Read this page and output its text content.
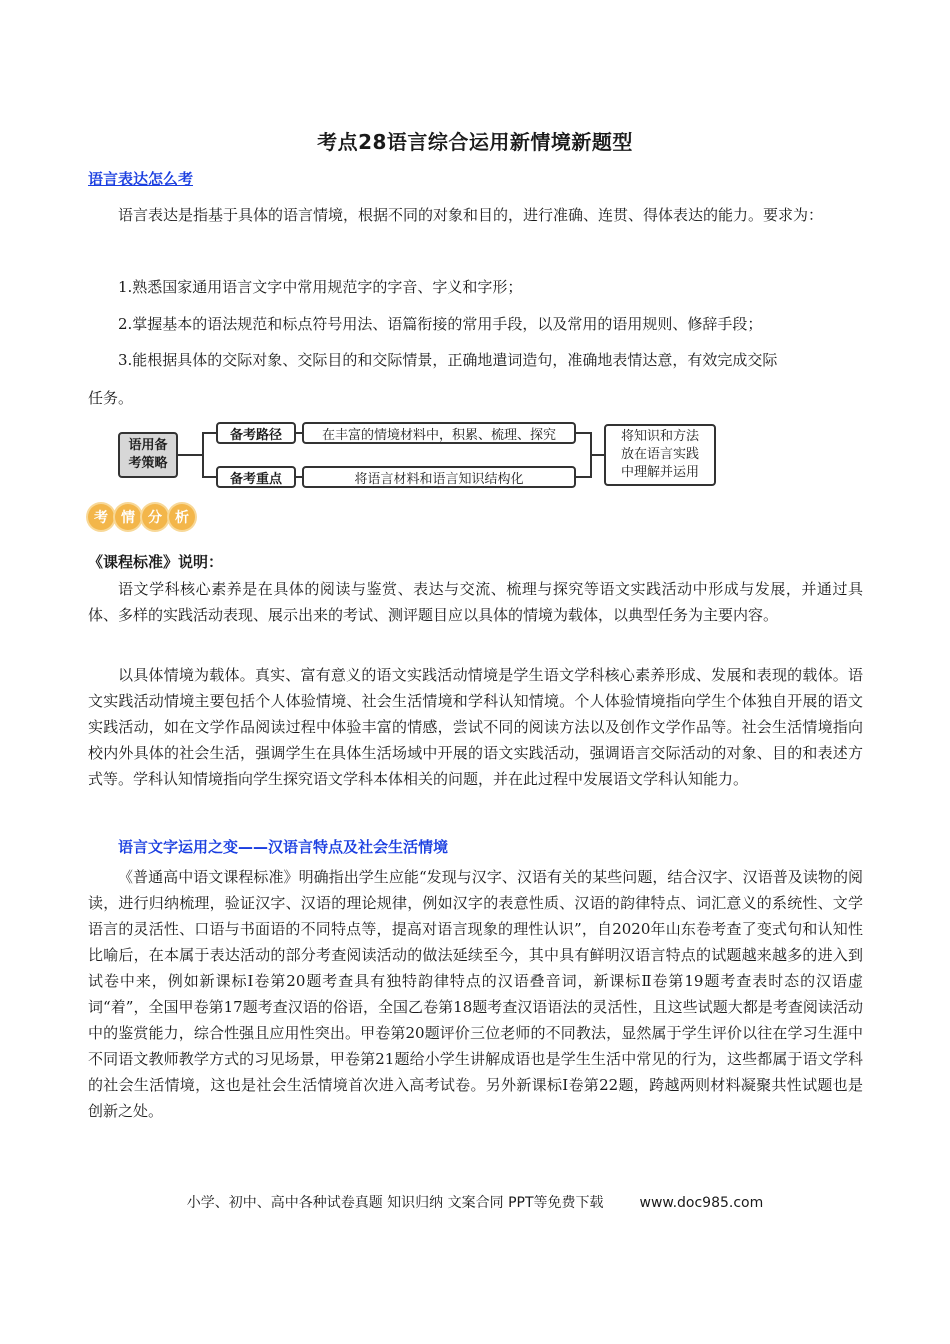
考点28语言综合运用新情境新题型
语言表达怎么考

语言表达是指基于具体的语言情境，根据不同的对象和目的，进行准确、连贯、得体表达的能力。要求为：

1.熟悉国家通用语言文字中常用规范字的字音、字义和字形；

2.掌握基本的语法规范和标点符号用法、语篇衔接的常用手段，以及常用的语用规则、修辞手段；

3.能根据具体的交际对象、交际目的和交际情景，正确地遣词造句，准确地表情达意，有效完成交际

任务。

语用备考策略
备考路径	在丰富的情境材料中，积累、梳理、探究
备考重点	将语言材料和语言知识结构化
将知识和方法放在语言实践中理解并运用
考 情 分 析
《课程标准》说明：

语文学科核心素养是在具体的阅读与鉴赏、表达与交流、梳理与探究等语文实践活动中形成与发展，并通过具体、多样的实践活动表现、展示出来的考试、测评题目应以具体的情境为载体，以典型任务为主要内容。

以具体情境为载体。真实、富有意义的语文实践活动情境是学生语文学科核心素养形成、发展和表现的载体。语文实践活动情境主要包括个人体验情境、社会生活情境和学科认知情境。个人体验情境指向学生个体独自开展的语文实践活动，如在文学作品阅读过程中体验丰富的情感，尝试不同的阅读方法以及创作文学作品等。社会生活情境指向校内外具体的社会生活，强调学生在具体生活场域中开展的语文实践活动，强调语言交际活动的对象、目的和表述方式等。学科认知情境指向学生探究语文学科本体相关的问题，并在此过程中发展语文学科认知能力。

语言文字运用之变——汉语言特点及社会生活情境

《普通高中语文课程标准》明确指出学生应能“发现与汉字、汉语有关的某些问题，结合汉字、汉语普及读物的阅读，进行归纳梳理，验证汉字、汉语的理论规律，例如汉字的表意性质、汉语的韵律特点、词汇意义的系统性、文学语言的灵活性、口语与书面语的不同特点等，提高对语言现象的理性认识”，自2020年山东卷考查了变式句和认知性比喻后，在本属于表达活动的部分考查阅读活动的做法延续至今，其中具有鲜明汉语言特点的试题越来越多的进入到试卷中来，例如新课标Ⅰ卷第20题考查具有独特韵律特点的汉语叠音词，新课标Ⅱ卷第19题考查表时态的汉语虚词“着”，全国甲卷第17题考查汉语的俗语，全国乙卷第18题考查汉语语法的灵活性，且这些试题大都是考查阅读活动中的鉴赏能力，综合性强且应用性突出。甲卷第20题评价三位老师的不同教法，显然属于学生评价以往在学习生涯中不同语文教师教学方式的习见场景，甲卷第21题给小学生讲解成语也是学生生活中常见的行为，这些都属于语文学科的社会生活情境，这也是社会生活情境首次进入高考试卷。另外新课标Ⅰ卷第22题，跨越两则材料凝聚共性试题也是创新之处。

小学、初中、高中各种试卷真题 知识归纳 文案合同 PPT等免费下载	www.doc985.com
